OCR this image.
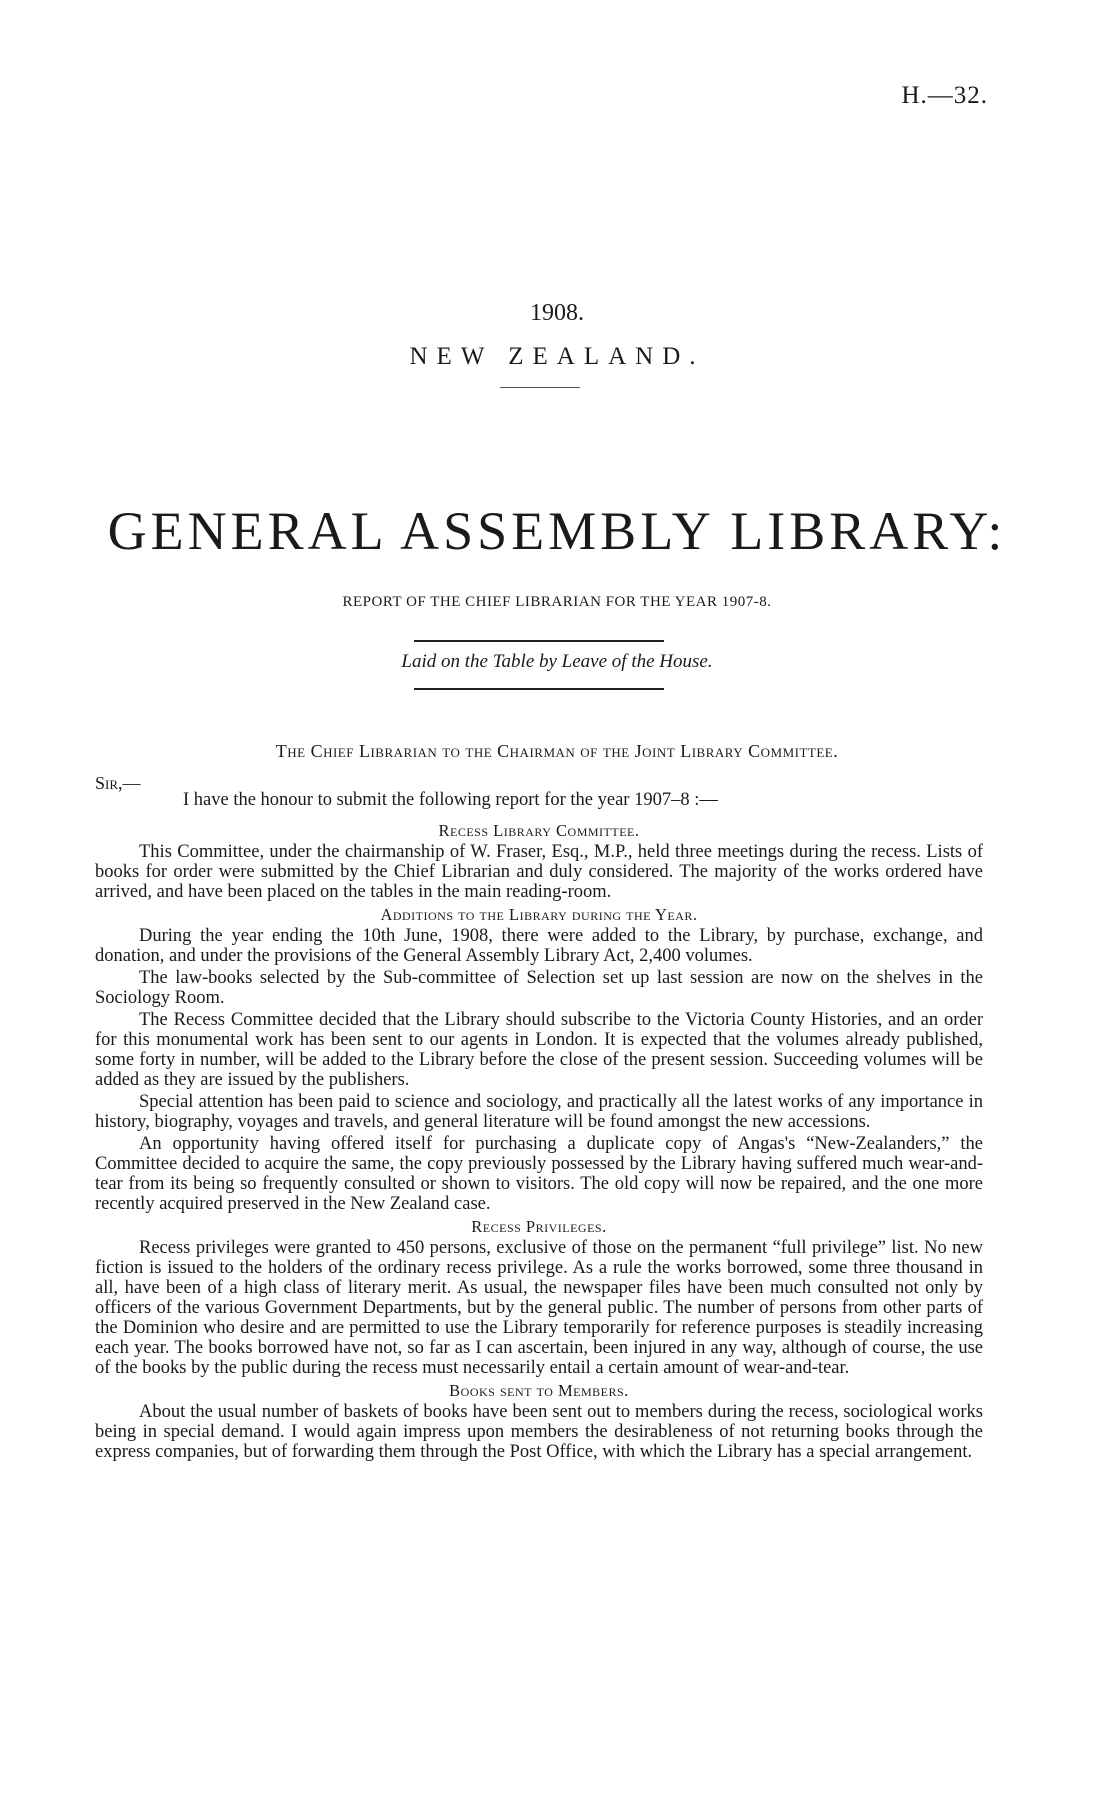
H.—32.
1908.
NEW ZEALAND.
GENERAL ASSEMBLY LIBRARY:
REPORT OF THE CHIEF LIBRARIAN FOR THE YEAR 1907-8.
Laid on the Table by Leave of the House.
The Chief Librarian to the Chairman of the Joint Library Committee.
Sir,—
I have the honour to submit the following report for the year 1907–8 :—
Recess Library Committee.

This Committee, under the chairmanship of W. Fraser, Esq., M.P., held three meetings during the recess. Lists of books for order were submitted by the Chief Librarian and duly considered. The majority of the works ordered have arrived, and have been placed on the tables in the main reading-room.

Additions to the Library during the Year.

During the year ending the 10th June, 1908, there were added to the Library, by purchase, exchange, and donation, and under the provisions of the General Assembly Library Act, 2,400 volumes.

The law-books selected by the Sub-committee of Selection set up last session are now on the shelves in the Sociology Room.

The Recess Committee decided that the Library should subscribe to the Victoria County Histories, and an order for this monumental work has been sent to our agents in London. It is expected that the volumes already published, some forty in number, will be added to the Library before the close of the present session. Succeeding volumes will be added as they are issued by the publishers.

Special attention has been paid to science and sociology, and practically all the latest works of any importance in history, biography, voyages and travels, and general literature will be found amongst the new accessions.

An opportunity having offered itself for purchasing a duplicate copy of Angas's “New-Zealanders,” the Committee decided to acquire the same, the copy previously possessed by the Library having suffered much wear-and-tear from its being so frequently consulted or shown to visitors. The old copy will now be repaired, and the one more recently acquired preserved in the New Zealand case.

Recess Privileges.

Recess privileges were granted to 450 persons, exclusive of those on the permanent “full privilege” list. No new fiction is issued to the holders of the ordinary recess privilege. As a rule the works borrowed, some three thousand in all, have been of a high class of literary merit. As usual, the newspaper files have been much consulted not only by officers of the various Government Departments, but by the general public. The number of persons from other parts of the Dominion who desire and are permitted to use the Library temporarily for reference purposes is steadily increasing each year. The books borrowed have not, so far as I can ascertain, been injured in any way, although of course, the use of the books by the public during the recess must necessarily entail a certain amount of wear-and-tear.

Books sent to Members.

About the usual number of baskets of books have been sent out to members during the recess, sociological works being in special demand. I would again impress upon members the desirableness of not returning books through the express companies, but of forwarding them through the Post Office, with which the Library has a special arrangement.
